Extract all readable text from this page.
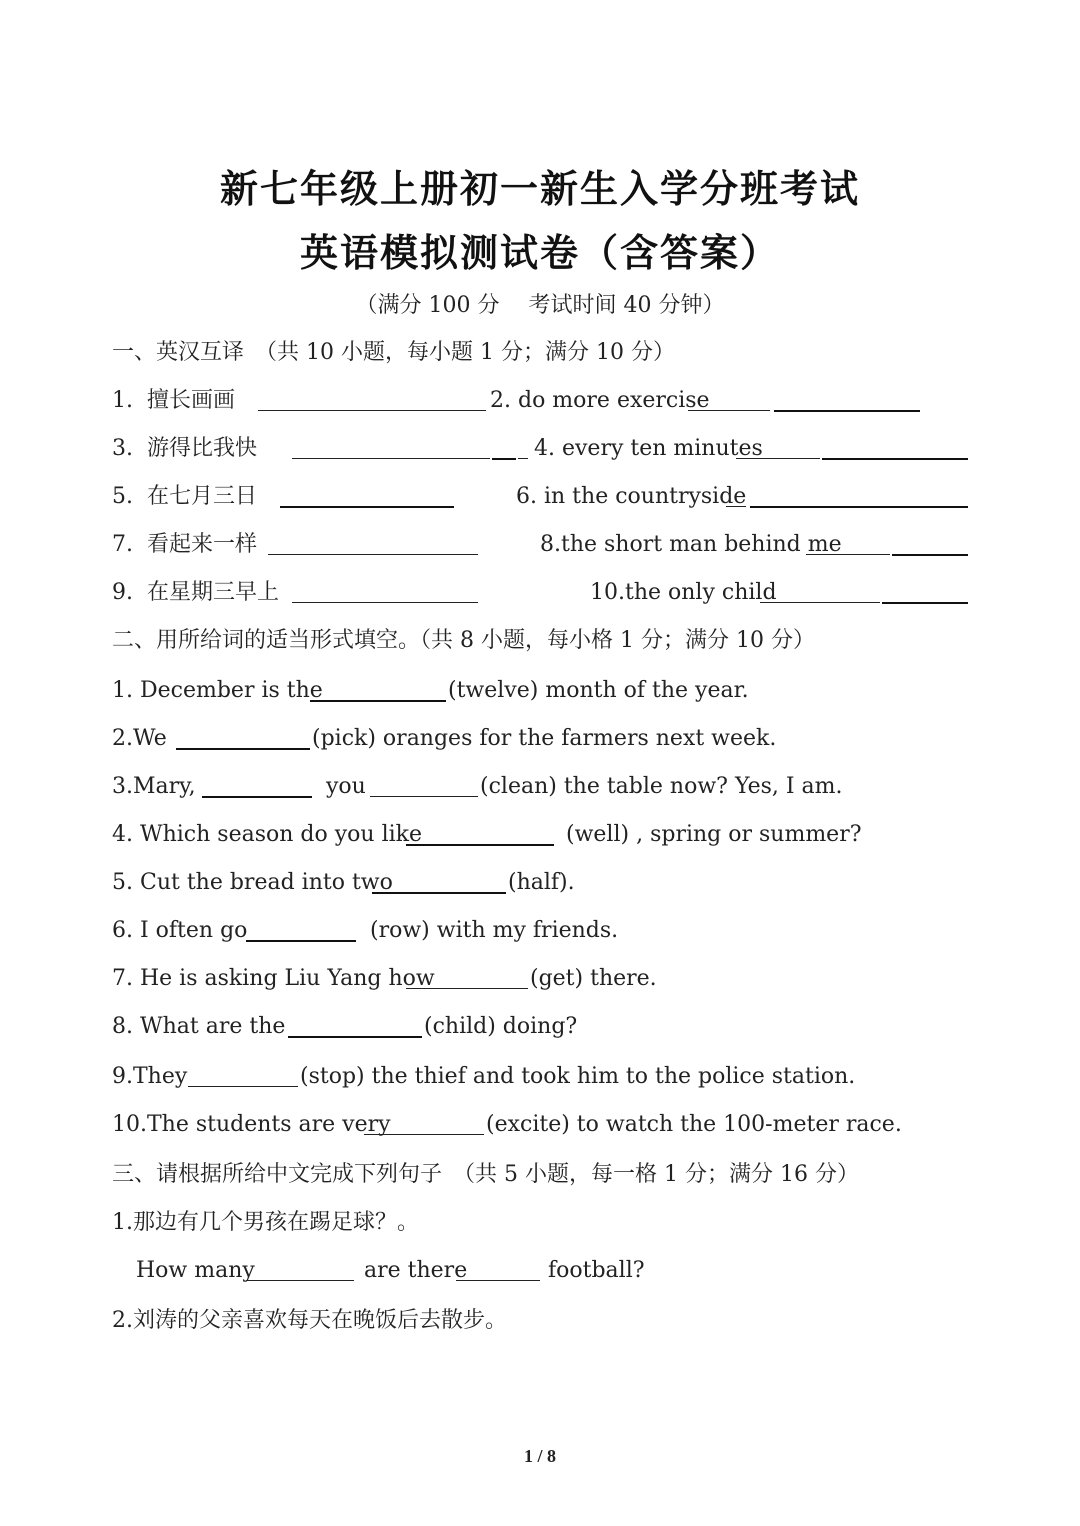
新七年级上册初一新生入学分班考试
英语模拟测试卷（含答案）
（满分 100 分　 考试时间 40 分钟）
一、英汉互译　（共 10 小题，每小题 1 分；满分 10 分）
1.  擅长画画	2. do more exercise
3.  游得比我快	4. every ten minutes
5.  在七月三日	6. in the countryside
7.  看起来一样	8.the short man behind me
9.  在星期三早上	10.the only child
二、用所给词的适当形式填空。（共 8 小题，每小格 1 分；满分 10 分）
1. December is the	(twelve) month of the year.
2.We	(pick) oranges for the farmers next week.
3.Mary,	you	(clean) the table now? Yes, I am.
4. Which season do you like	(well) , spring or summer?
5. Cut the bread into two	(half).
6. I often go	(row) with my friends.
7. He is asking Liu Yang how	(get) there.
8. What are the	(child) doing?
9.They	(stop) the thief and took him to the police station.
10.The students are very	(excite) to watch the 100-meter race.
三、请根据所给中文完成下列句子　（共 5 小题，每一格 1 分；满分 16 分）
1.那边有几个男孩在踢足球？。
How many	are there	football?
2.刘涛的父亲喜欢每天在晚饭后去散步。
1 / 8
